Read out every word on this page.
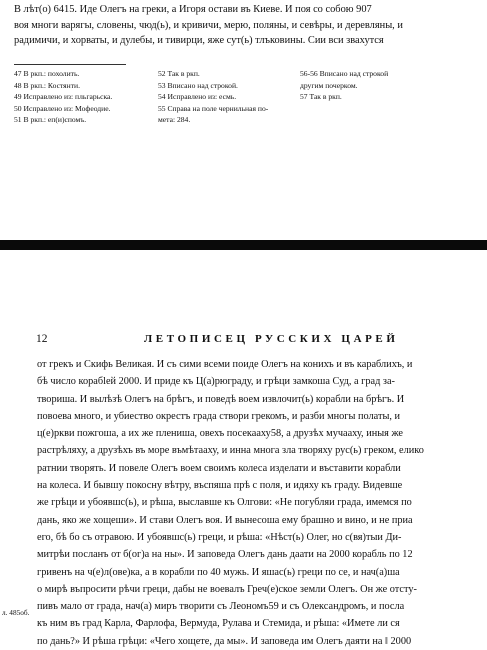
В лѣт(о) 6415. Иде Олегъ на греки, а Игоря остави въ Киеве. И поя со собою 907
воя многи варягы, словены, чюд(ь), и кривичи, мерю, поляны, и севѣры, и деревляны, и
радимичи, и хорваты, и дулебы, и тивирци, яже сут(ь) тлъковины. Сии вси звахутся
47 В ркп.: похолить.
48 В ркп.: Костянти.
49 Исправлено из: пльгарьска.
50 Исправлено из: Мофеодие.
51 В ркп.: еп(и)спомъ.
52 Так в ркп.
53 Вписано над строкой.
54 Исправлено из: есмь.
55 Справа на поле чернильная по-
мета: 284.
56-56 Вписано над строкой
другим почерком.
57 Так в ркп.
12	ЛЕТОПИСЕЦ РУССКИХ ЦАРЕЙ
от грекъ и Скифь Великая. И съ сими всеми поиде Олегъ на конихъ и въ караблихъ, и
бѣ число корабleй 2000. И приде къ Ц(а)рюграду, и грѣци замкоша Суд, а град за-
твориша. И вылѣзѣ Олегъ на брѣгъ, и поведѣ воем извлочит(ь) корабли на брѣгъ. И
повоева много, и убиество окрестъ града створи грекомъ, и разби многы полаты, и
ц(е)ркви пожгоша, а их же плениша, овехъ посекааху58, а друзѣх мучааху, иныя же
растрѣляху, а друзѣхъ въ море въмѣтааху, и инна многа зла творяху рус(ь) греком, елико
ратнии творять. И повеле Олегъ воем своимъ колеса изделати и въставити корабли
на колеса. И бывшу покосну вѣтру, въспяша прѣ с поля, и идяху къ граду. Видевше
же грѣци и убоявшс(ь), и рѣша, выславше къ Олгови: «Не погубляи града, имемся по
дань, яко же хощеши». И стави Олегъ воя. И вынесоша ему брашно и вино, и не приа
его, бѣ бо съ отравою. И убоявшс(ь) греци, и рѣша: «Нѣст(ь) Олег, но с(вя)тыи Ди-
митрѣи посланъ от б(ог)а на ны». И заповеда Олегъ дань даати на 2000 корабль по 12
гривенъ на ч(е)л(ове)ка, а в корабли по 40 мужь. И яшас(ь) греци по се, и нач(а)ша
о мирѣ въпросити рѣчи греци, дабы не воевалъ Греч(е)ское земли Олегъ. Он же отсту-
пивъ мало от града, нач(а) миръ творити съ Леономъ59 и съ Олександромъ, и посла
къ ним въ град Карла, Фарлофа, Вермуда, Рулава и Стемида, и рѣша: «Имете ли ся
по дань?» И рѣша грѣци: «Чего хощете, да мы». И заповеда им Олегъ даяти на ‖ 2000
л. 485об.
